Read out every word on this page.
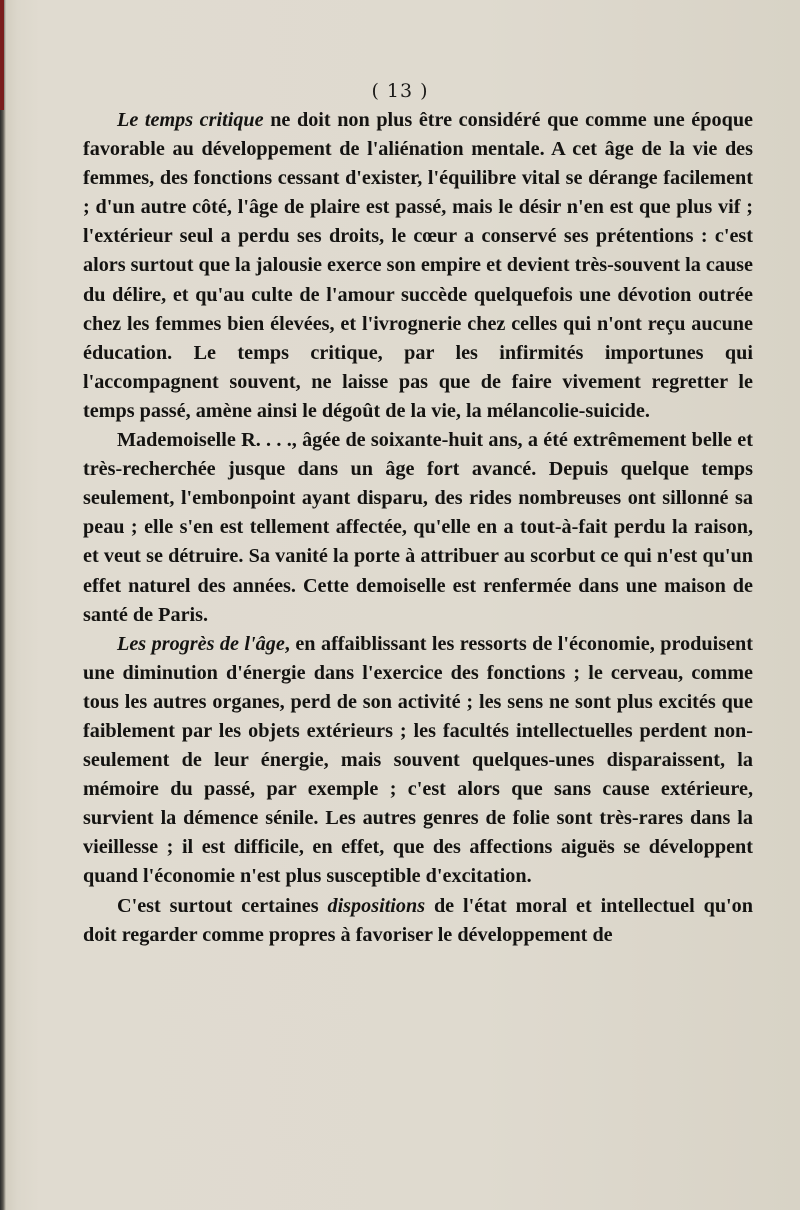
( 13 )

Le temps critique ne doit non plus être considéré que comme une époque favorable au développement de l'aliénation mentale. A cet âge de la vie des femmes, des fonctions cessant d'exister, l'équilibre vital se dérange facilement ; d'un autre côté, l'âge de plaire est passé, mais le désir n'en est que plus vif ; l'extérieur seul a perdu ses droits, le cœur a conservé ses prétentions : c'est alors surtout que la jalousie exerce son empire et devient très-souvent la cause du délire, et qu'au culte de l'amour succède quelquefois une dévotion outrée chez les femmes bien élevées, et l'ivrognerie chez celles qui n'ont reçu aucune éducation. Le temps critique, par les infirmités importunes qui l'accompagnent souvent, ne laisse pas que de faire vivement regretter le temps passé, amène ainsi le dégoût de la vie, la mélancolie-suicide.

Mademoiselle R. . . ., âgée de soixante-huit ans, a été extrêmement belle et très-recherchée jusque dans un âge fort avancé. Depuis quelque temps seulement, l'embonpoint ayant disparu, des rides nombreuses ont sillonné sa peau ; elle s'en est tellement affectée, qu'elle en a tout-à-fait perdu la raison, et veut se détruire. Sa vanité la porte à attribuer au scorbut ce qui n'est qu'un effet naturel des années. Cette demoiselle est renfermée dans une maison de santé de Paris.

Les progrès de l'âge, en affaiblissant les ressorts de l'économie, produisent une diminution d'énergie dans l'exercice des fonctions ; le cerveau, comme tous les autres organes, perd de son activité ; les sens ne sont plus excités que faiblement par les objets extérieurs ; les facultés intellectuelles perdent non-seulement de leur énergie, mais souvent quelques-unes disparaissent, la mémoire du passé, par exemple ; c'est alors que sans cause extérieure, survient la démence sénile. Les autres genres de folie sont très-rares dans la vieillesse ; il est difficile, en effet, que des affections aiguës se développent quand l'économie n'est plus susceptible d'excitation.

C'est surtout certaines dispositions de l'état moral et intellectuel qu'on doit regarder comme propres à favoriser le développement de
